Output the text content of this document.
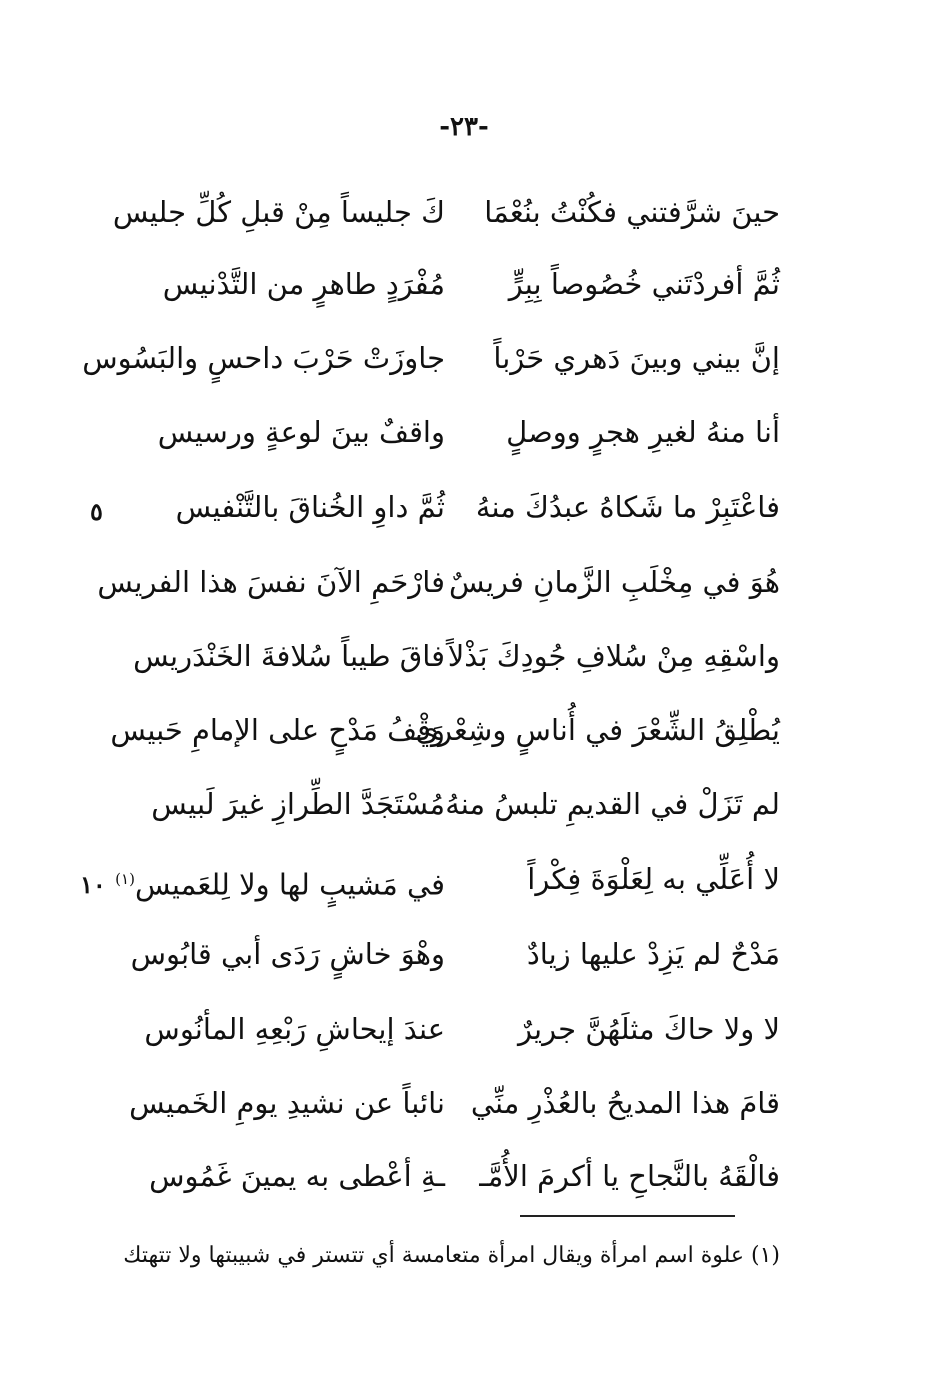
-٢٣-
حينَ شرَّفتني فكُنْتُ بنُعْمَا
كَ جليساً مِنْ قبلِ كُلِّ جليس
ثُمَّ أفردْتَني خُصُوصاً بِبِرٍّ
مُفْرَدٍ طاهرٍ من التَّدْنيس
إنَّ بيني وبينَ دَهري حَرْباً
جاوزَتْ حَرْبَ داحسٍ والبَسُوس
أنا منهُ لغيرِ هجرٍ ووصلٍ
واقفٌ بينَ لوعةٍ ورسيس
فاعْتَبِرْ ما شَكاهُ عبدُكَ منهُ
ثُمَّ داوِ الخُناقَ بالتَّنْفيس
هُوَ في مِخْلَبِ الزَّمانِ فريسٌ
فارْحَمِ الآنَ نفسَ هذا الفريس
واسْقِهِ مِنْ سُلافِ جُودِكَ بَذْلاً
فاقَ طيباً سُلافةَ الخَنْدَريس
يُطْلِقُ الشِّعْرَ في أُناسٍ وشِعْري
وَقْفُ مَدْحٍ على الإمامِ حَبيس
لم تَزَلْ في القديمِ تلبسُ منهُ
مُسْتَجَدَّ الطِّرازِ غيرَ لَبيس
لا أُعَلِّي به لِعَلْوَةَ فِكْراً
في مَشيبٍ لها ولا لِلعَميس$^{(١)}$
مَدْحٌ لم يَزِدْ عليها زيادٌ
وهْوَ خاشٍ رَدَى أبي قابُوس
لا ولا حاكَ مثلَهُنَّ جريرٌ
عندَ إيحاشِ رَبْعِهِ المأنُوس
قامَ هذا المديحُ بالعُذْرِ منِّي
نائباً عن نشيدِ يومِ الخَميس
فالْقَهُ بالنَّجاحِ يا أكرمَ الأُمَّـ
ـةِ أعْطى به يمينَ غَمُوس
٥
١٠
(١) علوة اسم امرأة ويقال امرأة متعامسة أي تتستر في شبيبتها ولا تتهتك
